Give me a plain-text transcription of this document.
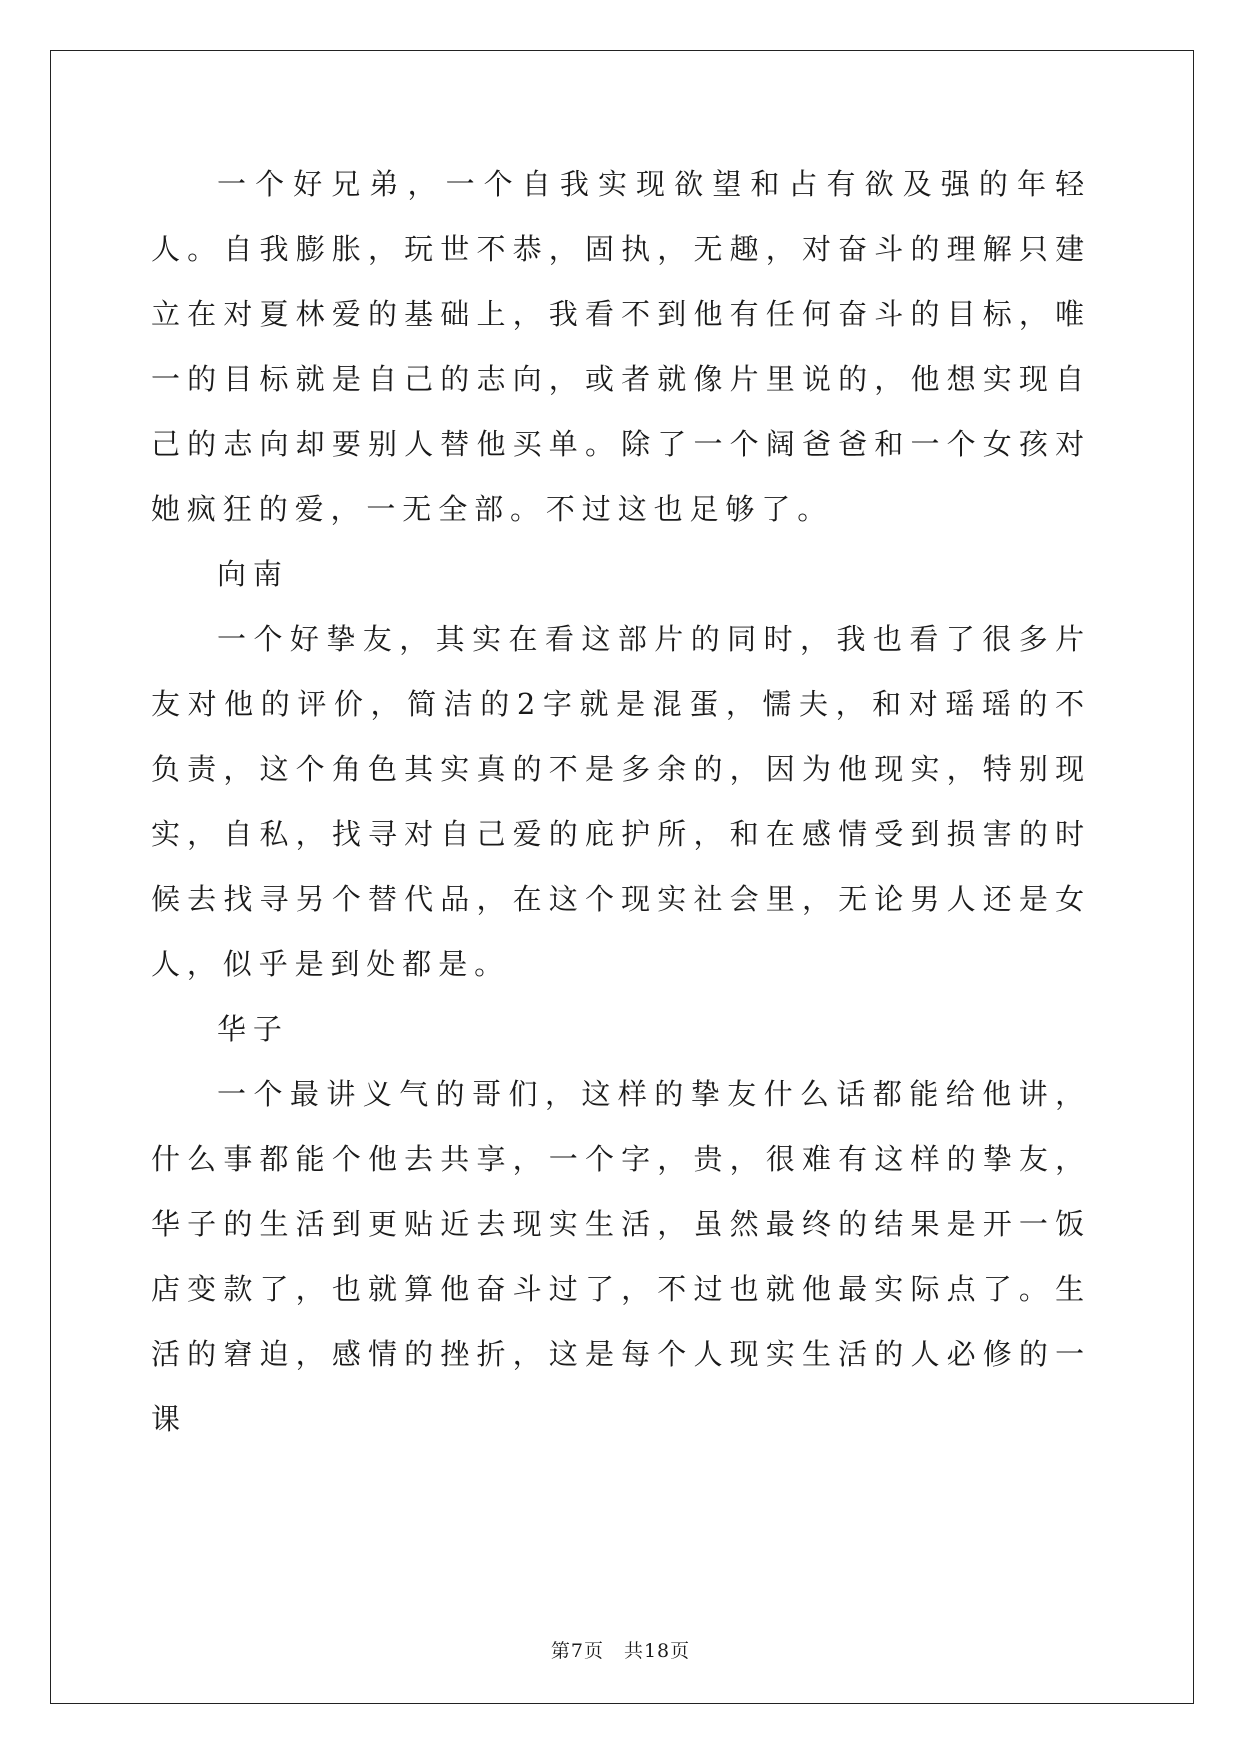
一个好兄弟，一个自我实现欲望和占有欲及强的年轻人。自我膨胀，玩世不恭，固执，无趣，对奋斗的理解只建立在对夏林爱的基础上，我看不到他有任何奋斗的目标，唯一的目标就是自己的志向，或者就像片里说的，他想实现自己的志向却要别人替他买单。除了一个阔爸爸和一个女孩对她疯狂的爱，一无全部。不过这也足够了。

向南

一个好挚友，其实在看这部片的同时，我也看了很多片友对他的评价，简洁的2字就是混蛋，懦夫，和对瑶瑶的不负责，这个角色其实真的不是多余的，因为他现实，特别现实，自私，找寻对自己爱的庇护所，和在感情受到损害的时候去找寻另个替代品，在这个现实社会里，无论男人还是女人，似乎是到处都是。

华子

一个最讲义气的哥们，这样的挚友什么话都能给他讲，什么事都能个他去共享，一个字，贵，很难有这样的挚友，华子的生活到更贴近去现实生活，虽然最终的结果是开一饭店变款了，也就算他奋斗过了，不过也就他最实际点了。生活的窘迫，感情的挫折，这是每个人现实生活的人必修的一课

第7页　共18页
